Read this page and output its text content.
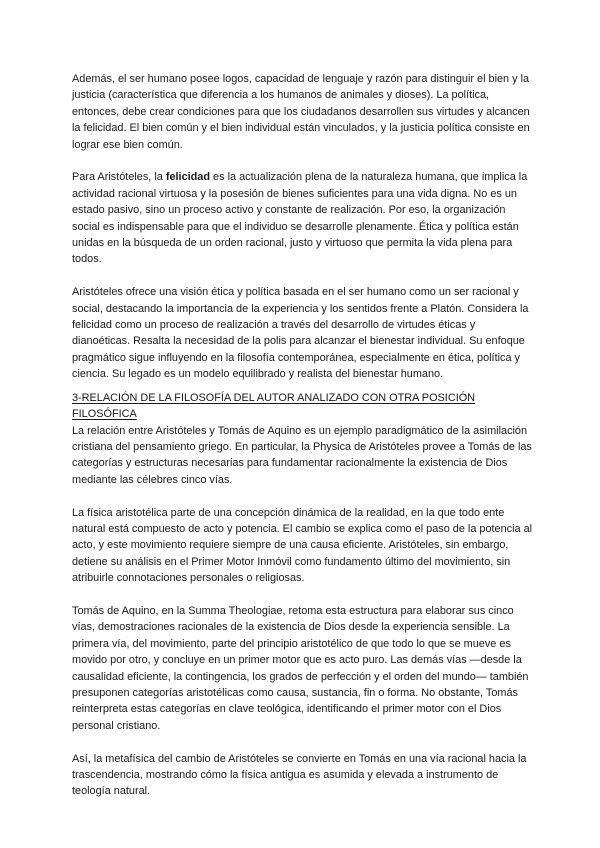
Además, el ser humano posee logos, capacidad de lenguaje y razón para distinguir el bien y la justicia (característica que diferencia a los humanos de animales y dioses). La política, entonces, debe crear condiciones para que los ciudadanos desarrollen sus virtudes y alcancen la felicidad. El bien común y el bien individual están vinculados, y la justicia política consiste en lograr ese bien común.

Para Aristóteles, la felicidad es la actualización plena de la naturaleza humana, que implica la actividad racional virtuosa y la posesión de bienes suficientes para una vida digna. No es un estado pasivo, sino un proceso activo y constante de realización. Por eso, la organización social es indispensable para que el individuo se desarrolle plenamente. Ética y política están unidas en la búsqueda de un orden racional, justo y virtuoso que permita la vida plena para todos.

Aristóteles ofrece una visión ética y política basada en el ser humano como un ser racional y social, destacando la importancia de la experiencia y los sentidos frente a Platón. Considera la felicidad como un proceso de realización a través del desarrollo de virtudes éticas y dianoéticas. Resalta la necesidad de la polis para alcanzar el bienestar individual. Su enfoque pragmático sigue influyendo en la filosofía contemporánea, especialmente en ética, política y ciencia. Su legado es un modelo equilibrado y realista del bienestar humano.

3-RELACIÓN DE LA FILOSOFÍA DEL AUTOR ANALIZADO CON OTRA POSICIÓN FILOSÓFICA

La relación entre Aristóteles y Tomás de Aquino es un ejemplo paradigmático de la asimilación cristiana del pensamiento griego. En particular, la Physica de Aristóteles provee a Tomás de las categorías y estructuras necesarias para fundamentar racionalmente la existencia de Dios mediante las célebres cinco vías.

La física aristotélica parte de una concepción dinámica de la realidad, en la que todo ente natural está compuesto de acto y potencia. El cambio se explica como el paso de la potencia al acto, y este movimiento requiere siempre de una causa eficiente. Aristóteles, sin embargo, detiene su análisis en el Primer Motor Inmóvil como fundamento último del movimiento, sin atribuirle connotaciones personales o religiosas.

Tomás de Aquino, en la Summa Theologiae, retoma esta estructura para elaborar sus cinco vías, demostraciones racionales de la existencia de Dios desde la experiencia sensible. La primera vía, del movimiento, parte del principio aristotélico de que todo lo que se mueve es movido por otro, y concluye en un primer motor que es acto puro. Las demás vías —desde la causalidad eficiente, la contingencia, los grados de perfección y el orden del mundo— también presuponen categorías aristotélicas como causa, sustancia, fin o forma. No obstante, Tomás reinterpreta estas categorías en clave teológica, identificando el primer motor con el Dios personal cristiano.

Así, la metafísica del cambio de Aristóteles se convierte en Tomás en una vía racional hacia la trascendencia, mostrando cómo la física antigua es asumida y elevada a instrumento de teología natural.
